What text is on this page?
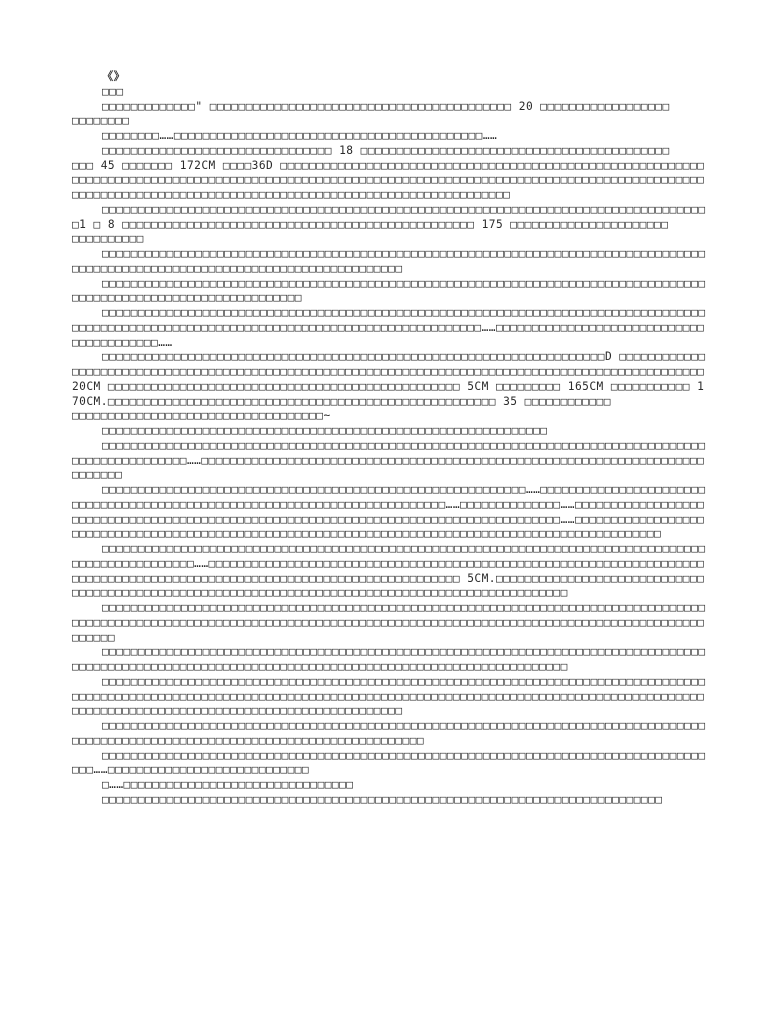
《》

□□□

□□□□□□□□□□□□□" □□□□□□□□□□□□□□□□□□□□□□□□□□□□□□□□□□□□□□□□□□ 20 □□□□□□□□□□□□□□□□□□

□□□□□□□□

□□□□□□□□……□□□□□□□□□□□□□□□□□□□□□□□□□□□□□□□□□□□□□□□□□□□……

□□□□□□□□□□□□□□□□□□□□□□□□□□□□□□□□ 18 □□□□□□□□□□□□□□□□□□□□□□□□□□□□□□□□□□□□□□□□□□□

□□□ 45 □□□□□□□ 172CM □□□□36D □□□□□□□□□□□□□□□□□□□□□□□□□□□□□□□□□□□□□□□□□□□□□□□□□□□□□□□□□□□□□□□□□□□□□□□□□□□□□□□□□□□□□□□□□□□□□□□□□□□□□□□□□□□□□□□□□□□□□□□□□□□□□□□□□□□□□□□□□□□□□□□□□□□□□□□□□□□□□□□□□□□□□□□□□□□□□□□□□□□□□□□□□□□□□□□□□□□□□□□□□□□□□□□□

□□□□□□□□□□□□□□□□□□□□□□□□□□□□□□□□□□□□□□□□□□□□□□□□□□□□□□□□□□□□□□□□□□□□□□□□□□□□□□□□□□□□□1 □ 8 □□□□□□□□□□□□□□□□□□□□□□□□□□□□□□□□□□□□□□□□□□□□□□□□□ 175 □□□□□□□□□□□□□□□□□□□□□□

□□□□□□□□□□

□□□□□□□□□□□□□□□□□□□□□□□□□□□□□□□□□□□□□□□□□□□□□□□□□□□□□□□□□□□□□□□□□□□□□□□□□□□□□□□□□□□□□□□□□□□□□□□□□□□□□□□□□□□□□□□□□□□□□□□□□□□□□□□□□□

□□□□□□□□□□□□□□□□□□□□□□□□□□□□□□□□□□□□□□□□□□□□□□□□□□□□□□□□□□□□□□□□□□□□□□□□□□□□□□□□□□□□□□□□□□□□□□□□□□□□□□□□□□□□□□□□□□□□

□□□□□□□□□□□□□□□□□□□□□□□□□□□□□□□□□□□□□□□□□□□□□□□□□□□□□□□□□□□□□□□□□□□□□□□□□□□□□□□□□□□□□□□□□□□□□□□□□□□□□□□□□□□□□□□□□□□□□□□□□□□□□□□□□□□□□□□□□□□□□……□□□□□□□□□□□□□□□□□□□□□□□□□□□□□□□□□□□□□□□□□……

□□□□□□□□□□□□□□□□□□□□□□□□□□□□□□□□□□□□□□□□□□□□□□□□□□□□□□□□□□□□□□□□□□□□□□D □□□□□□□□□□□□□□□□□□□□□□□□□□□□□□□□□□□□□□□□□□□□□□□□□□□□□□□□□□□□□□□□□□□□□□□□□□□□□□□□□□□□□□□□□□□□□□□□□□□□ 20CM □□□□□□□□□□□□□□□□□□□□□□□□□□□□□□□□□□□□□□□□□□□□□□□□□ 5CM □□□□□□□□□ 165CM □□□□□□□□□□□ 170CM.□□□□□□□□□□□□□□□□□□□□□□□□□□□□□□□□□□□□□□□□□□□□□□□□□□□□□□ 35 □□□□□□□□□□□□

□□□□□□□□□□□□□□□□□□□□□□□□□□□□□□□□□□□~

□□□□□□□□□□□□□□□□□□□□□□□□□□□□□□□□□□□□□□□□□□□□□□□□□□□□□□□□□□□□□□

□□□□□□□□□□□□□□□□□□□□□□□□□□□□□□□□□□□□□□□□□□□□□□□□□□□□□□□□□□□□□□□□□□□□□□□□□□□□□□□□□□□□□□□□□□□□□□□□□□□□……□□□□□□□□□□□□□□□□□□□□□□□□□□□□□□□□□□□□□□□□□□□□□□□□□□□□□□□□□□□□□□□□□□□□□□□□□□□□□

□□□□□□□□□□□□□□□□□□□□□□□□□□□□□□□□□□□□□□□□□□□□□□□□□□□□□□□□□□□……□□□□□□□□□□□□□□□□□□□□□□□□□□□□□□□□□□□□□□□□□□□□□□□□□□□□□□□□□□□□□□□□□□□□□□□□□□□……□□□□□□□□□□□□□□……□□□□□□□□□□□□□□□□□□□□□□□□□□□□□□□□□□□□□□□□□□□□□□□□□□□□□□□□□□□□□□□□□□□□□□□□□□□□□□□□□□□□□□……□□□□□□□□□□□□□□□□□□□□□□□□□□□□□□□□□□□□□□□□□□□□□□□□□□□□□□□□□□□□□□□□□□□□□□□□□□□□□□□□□□□□□□□□□□□□□□□□□□□□

□□□□□□□□□□□□□□□□□□□□□□□□□□□□□□□□□□□□□□□□□□□□□□□□□□□□□□□□□□□□□□□□□□□□□□□□□□□□□□□□□□□□□□□□□□□□□□□□□□□□□……□□□□□□□□□□□□□□□□□□□□□□□□□□□□□□□□□□□□□□□□□□□□□□□□□□□□□□□□□□□□□□□□□□□□□□□□□□□□□□□□□□□□□□□□□□□□□□□□□□□□□□□□□□□□□□□□□□□□□□□□□□□ 5CM.□□□□□□□□□□□□□□□□□□□□□□□□□□□□□□□□□□□□□□□□□□□□□□□□□□□□□□□□□□□□□□□□□□□□□□□□□□□□□□□□□□□□□□□□□□□□□□□□□□

□□□□□□□□□□□□□□□□□□□□□□□□□□□□□□□□□□□□□□□□□□□□□□□□□□□□□□□□□□□□□□□□□□□□□□□□□□□□□□□□□□□□□□□□□□□□□□□□□□□□□□□□□□□□□□□□□□□□□□□□□□□□□□□□□□□□□□□□□□□□□□□□□□□□□□□□□□□□□□□□□□□□□□□□□□□□□□□□□□

□□□□□□□□□□□□□□□□□□□□□□□□□□□□□□□□□□□□□□□□□□□□□□□□□□□□□□□□□□□□□□□□□□□□□□□□□□□□□□□□□□□□□□□□□□□□□□□□□□□□□□□□□□□□□□□□□□□□□□□□□□□□□□□□□□□□□□□□□□□□□□□□□□□□□□□□□

□□□□□□□□□□□□□□□□□□□□□□□□□□□□□□□□□□□□□□□□□□□□□□□□□□□□□□□□□□□□□□□□□□□□□□□□□□□□□□□□□□□□□□□□□□□□□□□□□□□□□□□□□□□□□□□□□□□□□□□□□□□□□□□□□□□□□□□□□□□□□□□□□□□□□□□□□□□□□□□□□□□□□□□□□□□□□□□□□□□□□□□□□□□□□□□□□□□□□□□□□□□□□□□□□□□□□□□□□□

□□□□□□□□□□□□□□□□□□□□□□□□□□□□□□□□□□□□□□□□□□□□□□□□□□□□□□□□□□□□□□□□□□□□□□□□□□□□□□□□□□□□□□□□□□□□□□□□□□□□□□□□□□□□□□□□□□□□□□□□□□□□□□□□□□□□□

□□□□□□□□□□□□□□□□□□□□□□□□□□□□□□□□□□□□□□□□□□□□□□□□□□□□□□□□□□□□□□□□□□□□□□□□□□□□□□□□□□□□□□□……□□□□□□□□□□□□□□□□□□□□□□□□□□□□

□……□□□□□□□□□□□□□□□□□□□□□□□□□□□□□□□□

□□□□□□□□□□□□□□□□□□□□□□□□□□□□□□□□□□□□□□□□□□□□□□□□□□□□□□□□□□□□□□□□□□□□□□□□□□□□□□
